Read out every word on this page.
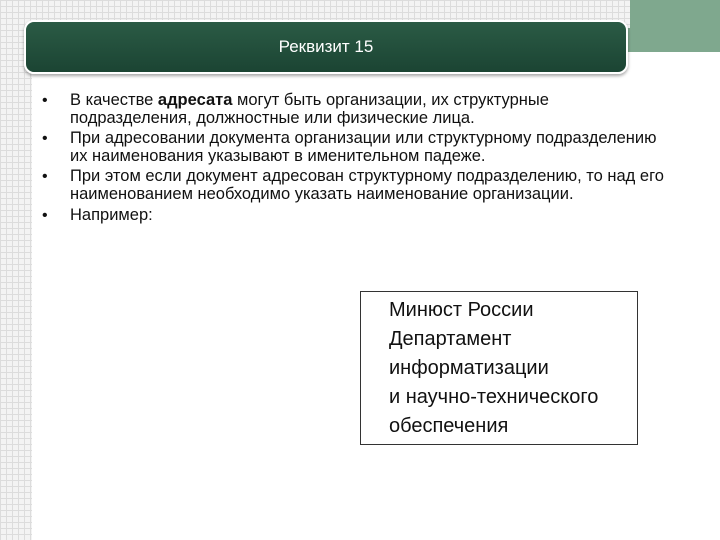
Реквизит 15
• В качестве адресата могут быть организации, их структурные подразделения, должностные или физические лица.
• При адресовании документа организации или структурному подразделению их наименования указывают в именительном падеже.
• При этом если документ адресован структурному подразделению, то над его наименованием необходимо указать наименование организации.
• Например:
Минюст России
Департамент
информатизации
и научно-технического
обеспечения
